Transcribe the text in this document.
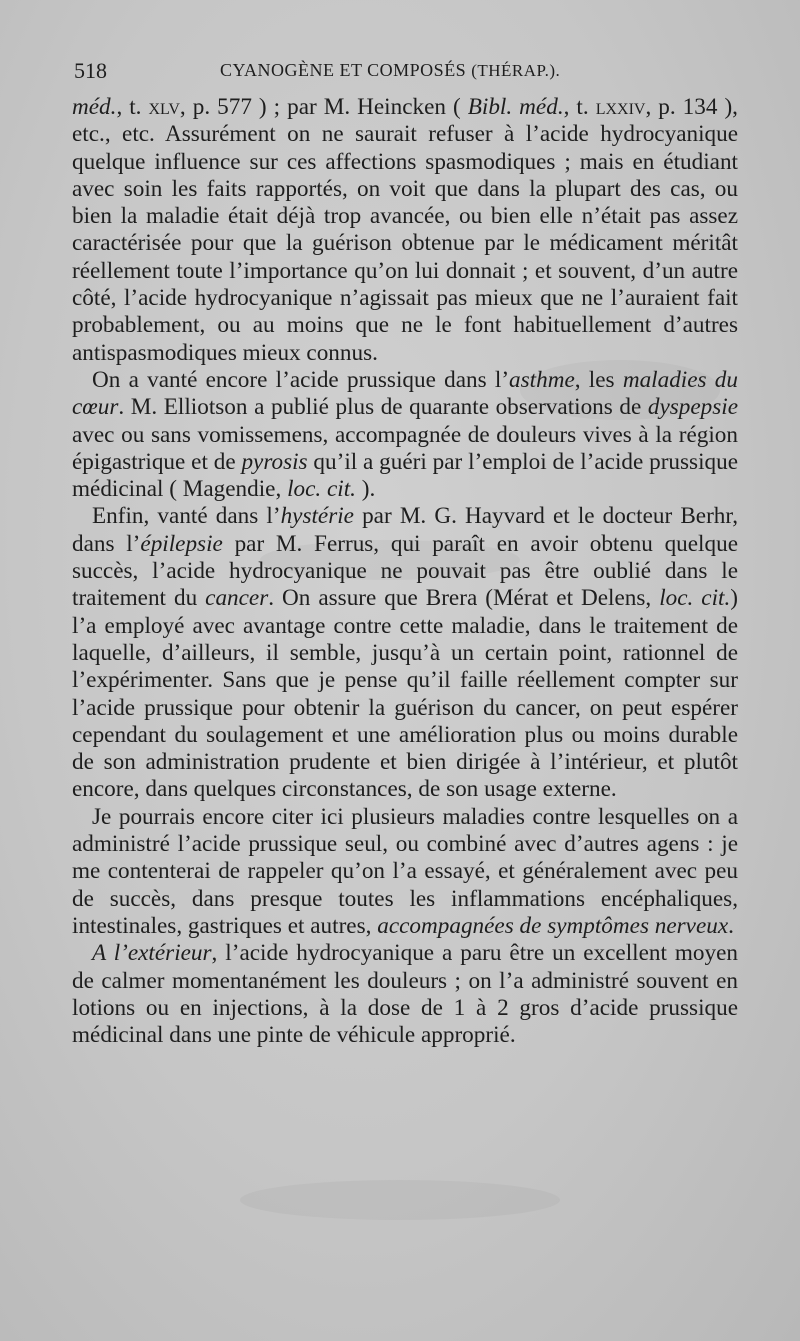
518	CYANOGÈNE ET COMPOSÉS (THÉRAP.).

méd., t. xlv, p. 577 ) ; par M. Heincken ( Bibl. méd., t. lxxiv, p. 134 ), etc., etc. Assurément on ne saurait refuser à l’acide hydrocyanique quelque influence sur ces affections spasmodiques ; mais en étudiant avec soin les faits rapportés, on voit que dans la plupart des cas, ou bien la maladie était déjà trop avancée, ou bien elle n’était pas assez caractérisée pour que la guérison obtenue par le médicament méritât réellement toute l’importance qu’on lui donnait ; et souvent, d’un autre côté, l’acide hydrocyanique n’agissait pas mieux que ne l’auraient fait probablement, ou au moins que ne le font habituellement d’autres antispasmodiques mieux connus.

On a vanté encore l’acide prussique dans l’asthme, les maladies du cœur. M. Elliotson a publié plus de quarante observations de dyspepsie avec ou sans vomissemens, accompagnée de douleurs vives à la région épigastrique et de pyrosis qu’il a guéri par l’emploi de l’acide prussique médicinal ( Magendie, loc. cit. ).

Enfin, vanté dans l’hystérie par M. G. Hayvard et le docteur Berhr, dans l’épilepsie par M. Ferrus, qui paraît en avoir obtenu quelque succès, l’acide hydrocyanique ne pouvait pas être oublié dans le traitement du cancer. On assure que Brera (Mérat et Delens, loc. cit.) l’a employé avec avantage contre cette maladie, dans le traitement de laquelle, d’ailleurs, il semble, jusqu’à un certain point, rationnel de l’expérimenter. Sans que je pense qu’il faille réellement compter sur l’acide prussique pour obtenir la guérison du cancer, on peut espérer cependant du soulagement et une amélioration plus ou moins durable de son administration prudente et bien dirigée à l’intérieur, et plutôt encore, dans quelques circonstances, de son usage externe.

Je pourrais encore citer ici plusieurs maladies contre lesquelles on a administré l’acide prussique seul, ou combiné avec d’autres agens : je me contenterai de rappeler qu’on l’a essayé, et généralement avec peu de succès, dans presque toutes les inflammations encéphaliques, intestinales, gastriques et autres, accompagnées de symptômes nerveux.

A l’extérieur, l’acide hydrocyanique a paru être un excellent moyen de calmer momentanément les douleurs ; on l’a administré souvent en lotions ou en injections, à la dose de 1 à 2 gros d’acide prussique médicinal dans une pinte de véhicule approprié.
